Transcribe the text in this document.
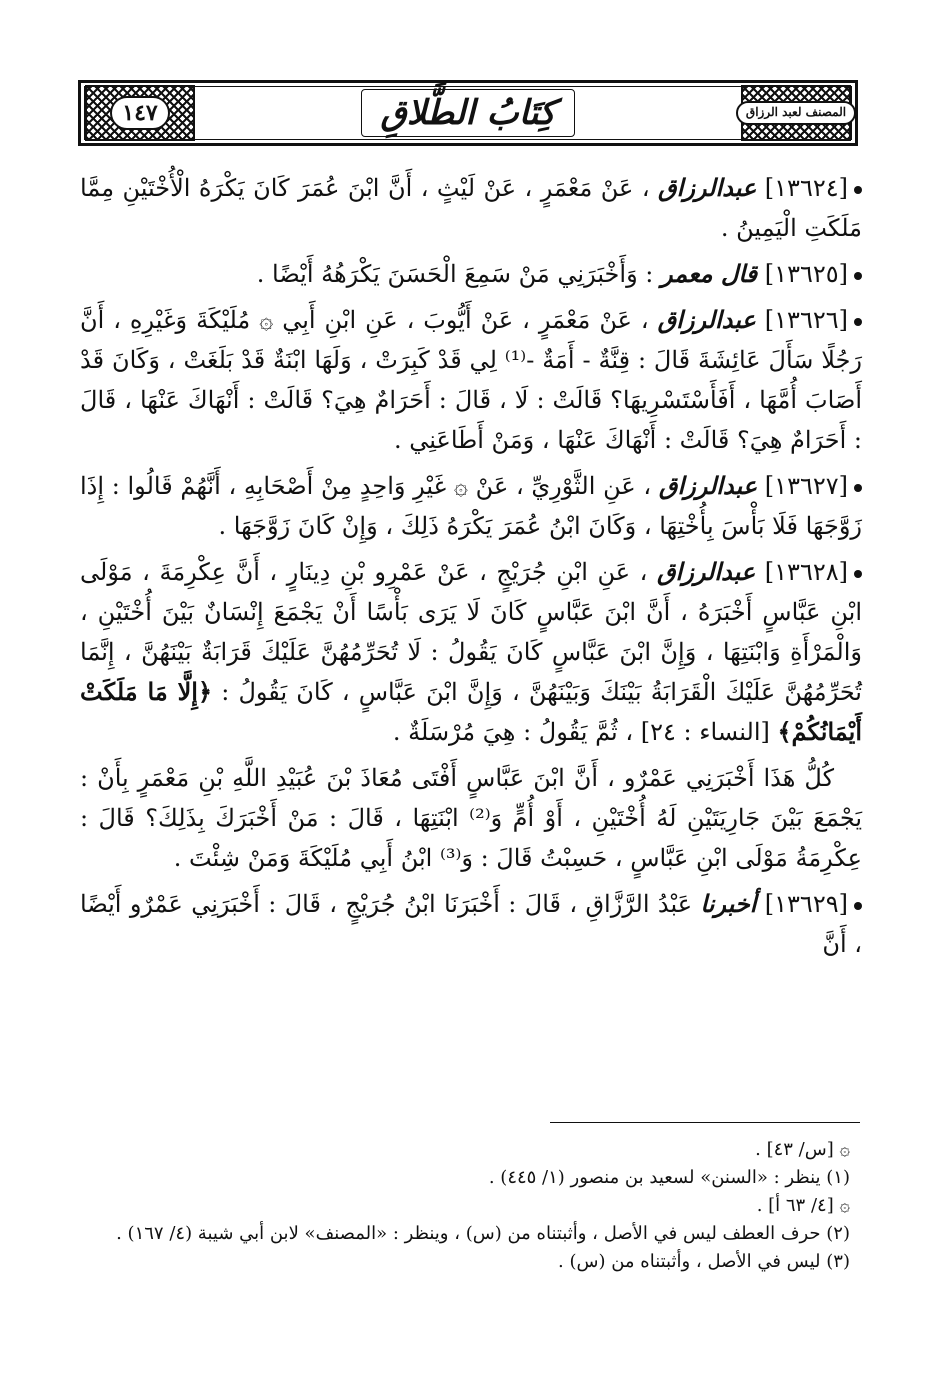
١٤٧	كِتَابُ الطَّلاقِ	المصنف لعبد الرزاق

[١٣٦٢٤] عبدالرزاق ، عَنْ مَعْمَرٍ ، عَنْ لَيْثٍ ، أَنَّ ابْنَ عُمَرَ كَانَ يَكْرَهُ الْأُخْتَيْنِ مِمَّا مَلَكَتِ الْيَمِينُ .

[١٣٦٢٥] قال معمر : وَأَخْبَرَنِي مَنْ سَمِعَ الْحَسَنَ يَكْرَهُهُ أَيْضًا .

[١٣٦٢٦] عبدالرزاق ، عَنْ مَعْمَرٍ ، عَنْ أَيُّوبَ ، عَنِ ابْنِ أَبِي ۞ مُلَيْكَةَ وَغَيْرِهِ ، أَنَّ رَجُلًا سَأَلَ عَائِشَةَ قَالَ : قِنَّةٌ - أَمَةٌ -⁽¹⁾ لِي قَدْ كَبِرَتْ ، وَلَهَا ابْنَةٌ قَدْ بَلَغَتْ ، وَكَانَ قَدْ أَصَابَ أُمَّهَا ، أَفَأَسْتَسْرِيهَا؟ قَالَتْ : لَا ، قَالَ : أَحَرَامٌ هِيَ؟ قَالَتْ : أَنْهَاكَ عَنْهَا ، قَالَ : أَحَرَامٌ هِيَ؟ قَالَتْ : أَنْهَاكَ عَنْهَا ، وَمَنْ أَطَاعَنِي .

[١٣٦٢٧] عبدالرزاق ، عَنِ الثَّوْرِيِّ ، عَنْ ۞ غَيْرِ وَاحِدٍ مِنْ أَصْحَابِهِ ، أَنَّهُمْ قَالُوا : إِذَا زَوَّجَهَا فَلَا بَأْسَ بِأُخْتِهَا ، وَكَانَ ابْنُ عُمَرَ يَكْرَهُ ذَلِكَ ، وَإِنْ كَانَ زَوَّجَهَا .

[١٣٦٢٨] عبدالرزاق ، عَنِ ابْنِ جُرَيْجٍ ، عَنْ عَمْرِو بْنِ دِينَارٍ ، أَنَّ عِكْرِمَةَ ، مَوْلَى ابْنِ عَبَّاسٍ أَخْبَرَهُ ، أَنَّ ابْنَ عَبَّاسٍ كَانَ لَا يَرَى بَأْسًا أَنْ يَجْمَعَ إِنْسَانٌ بَيْنَ أُخْتَيْنِ ، وَالْمَرْأَةِ وَابْنَتِهَا ، وَإِنَّ ابْنَ عَبَّاسٍ كَانَ يَقُولُ : لَا تُحَرِّمُهُنَّ عَلَيْكَ قَرَابَةٌ بَيْنَهُنَّ ، إِنَّمَا تُحَرِّمُهُنَّ عَلَيْكَ الْقَرَابَةُ بَيْنَكَ وَبَيْنَهُنَّ ، وَإِنَّ ابْنَ عَبَّاسٍ ، كَانَ يَقُولُ : ﴿إِلَّا مَا مَلَكَتْ أَيْمَانُكُمْ﴾ [النساء : ٢٤] ، ثُمَّ يَقُولُ : هِيَ مُرْسَلَةٌ .

كُلُّ هَذَا أَخْبَرَنِي عَمْرٌو ، أَنَّ ابْنَ عَبَّاسٍ أَفْتَى مُعَاذَ بْنَ عُبَيْدِ اللَّهِ بْنِ مَعْمَرٍ بِأَنْ : يَجْمَعَ بَيْنَ جَارِيَتَيْنِ لَهُ أُخْتَيْنِ ، أَوْ أُمٍّ وَ⁽²⁾ ابْنَتِهَا ، قَالَ : مَنْ أَخْبَرَكَ بِذَلِكَ؟ قَالَ : عِكْرِمَةُ مَوْلَى ابْنِ عَبَّاسٍ ، حَسِبْتُ قَالَ : وَ⁽³⁾ ابْنُ أَبِي مُلَيْكَةَ وَمَنْ شِئْتَ .

[١٣٦٢٩] أخبرنا عَبْدُ الرَّزَّاقِ ، قَالَ : أَخْبَرَنَا ابْنُ جُرَيْجٍ ، قَالَ : أَخْبَرَنِي عَمْرٌو أَيْضًا ، أَنَّ

۞ [س/ ٤٣] .
(١) ينظر : «السنن» لسعيد بن منصور (١/ ٤٤٥) .
۞ [٤/ ٦٣ أ] .
(٢) حرف العطف ليس في الأصل ، وأثبتناه من (س) ، وينظر : «المصنف» لابن أبي شيبة (٤/ ١٦٧) .
(٣) ليس في الأصل ، وأثبتناه من (س) .
